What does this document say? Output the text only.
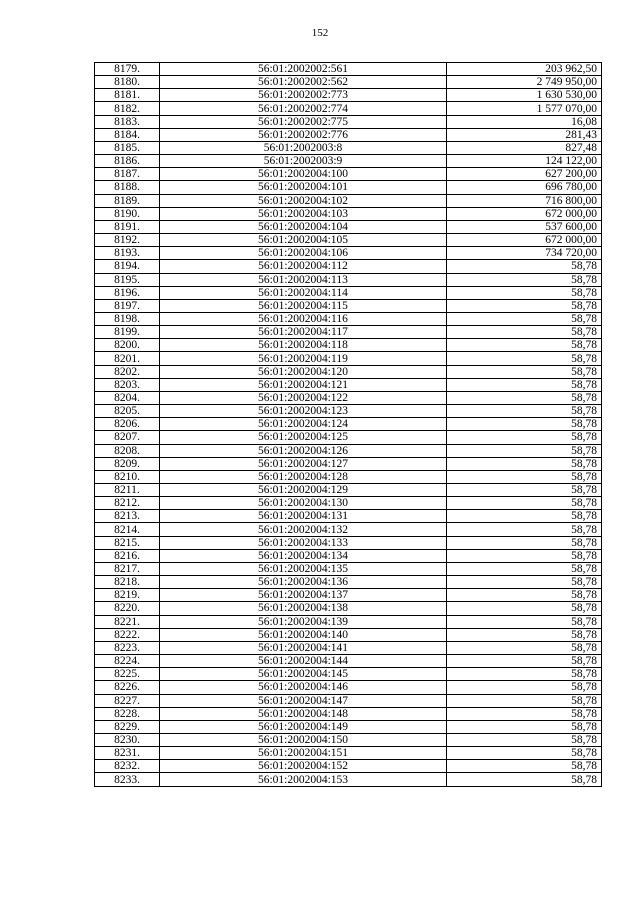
152
8179.	56:01:2002002:561	203 962,50
8180.	56:01:2002002:562	2 749 950,00
8181.	56:01:2002002:773	1 630 530,00
8182.	56:01:2002002:774	1 577 070,00
8183.	56:01:2002002:775	16,08
8184.	56:01:2002002:776	281,43
8185.	56:01:2002003:8	827,48
8186.	56:01:2002003:9	124 122,00
8187.	56:01:2002004:100	627 200,00
8188.	56:01:2002004:101	696 780,00
8189.	56:01:2002004:102	716 800,00
8190.	56:01:2002004:103	672 000,00
8191.	56:01:2002004:104	537 600,00
8192.	56:01:2002004:105	672 000,00
8193.	56:01:2002004:106	734 720,00
8194.	56:01:2002004:112	58,78
8195.	56:01:2002004:113	58,78
8196.	56:01:2002004:114	58,78
8197.	56:01:2002004:115	58,78
8198.	56:01:2002004:116	58,78
8199.	56:01:2002004:117	58,78
8200.	56:01:2002004:118	58,78
8201.	56:01:2002004:119	58,78
8202.	56:01:2002004:120	58,78
8203.	56:01:2002004:121	58,78
8204.	56:01:2002004:122	58,78
8205.	56:01:2002004:123	58,78
8206.	56:01:2002004:124	58,78
8207.	56:01:2002004:125	58,78
8208.	56:01:2002004:126	58,78
8209.	56:01:2002004:127	58,78
8210.	56:01:2002004:128	58,78
8211.	56:01:2002004:129	58,78
8212.	56:01:2002004:130	58,78
8213.	56:01:2002004:131	58,78
8214.	56:01:2002004:132	58,78
8215.	56:01:2002004:133	58,78
8216.	56:01:2002004:134	58,78
8217.	56:01:2002004:135	58,78
8218.	56:01:2002004:136	58,78
8219.	56:01:2002004:137	58,78
8220.	56:01:2002004:138	58,78
8221.	56:01:2002004:139	58,78
8222.	56:01:2002004:140	58,78
8223.	56:01:2002004:141	58,78
8224.	56:01:2002004:144	58,78
8225.	56:01:2002004:145	58,78
8226.	56:01:2002004:146	58,78
8227.	56:01:2002004:147	58,78
8228.	56:01:2002004:148	58,78
8229.	56:01:2002004:149	58,78
8230.	56:01:2002004:150	58,78
8231.	56:01:2002004:151	58,78
8232.	56:01:2002004:152	58,78
8233.	56:01:2002004:153	58,78
